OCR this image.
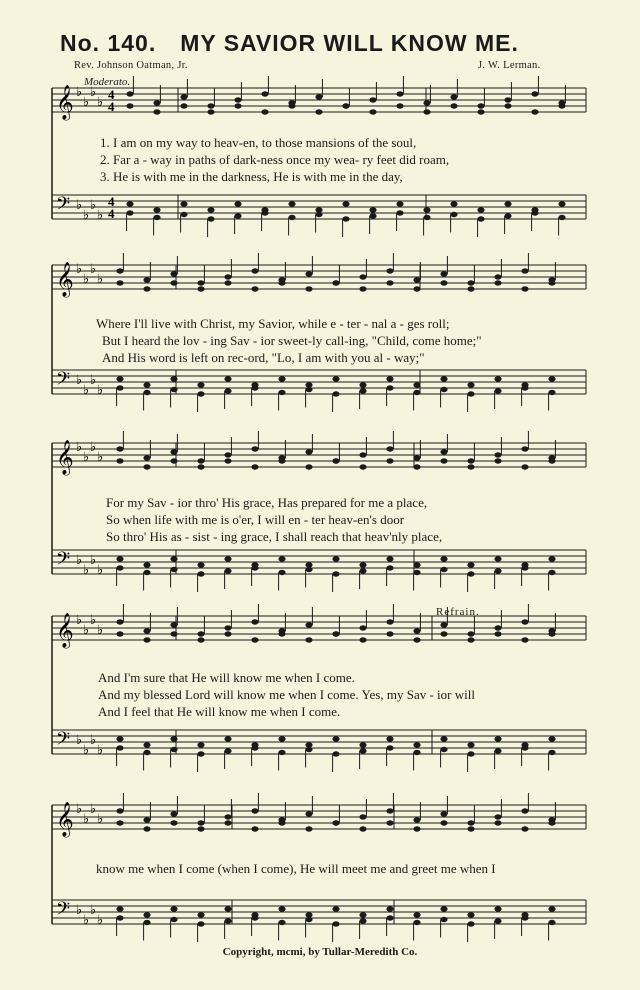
No. 140. MY SAVIOR WILL KNOW ME.
Rev. Johnson Oatman, Jr.	J. W. Lerman.
Moderato.
𝄞 ♭
♭
♭
♭ 4
4
𝄢 ♭
♭
♭
♭
4
4
𝄞 ♭
♭
♭
♭
𝄢 ♭
♭
♭
♭
𝄞 ♭
♭
♭
♭
𝄢 ♭
♭
♭
♭
𝄞 ♭
♭
♭
♭
𝄢 ♭
♭
♭
♭
𝄞 ♭
♭
♭
♭
𝄢 ♭
♭
♭
♭
1. I am on my way to heav-en, to those mansions of the soul,
2. Far a - way in paths of dark-ness once my wea- ry feet did roam,
3. He is with me in the darkness, He is with me in the day,
Where I'll live with Christ, my Savior, while e - ter - nal a - ges roll;
But I heard the lov - ing Sav - ior sweet-ly call-ing, "Child, come home;"
And His word is left on rec-ord, "Lo, I am with you al - way;"
For my Sav - ior thro' His grace, Has prepared for me a place,
So when life with me is o'er, I will en - ter heav-en's door
So thro' His as - sist - ing grace, I shall reach that heav'nly place,
Refrain.
And I'm sure that He will know me when I come.
And my blessed Lord will know me when I come. Yes, my Sav - ior will
And I feel that He will know me when I come.
know me when I come (when I come), He will meet me and greet me when I
Copyright, mcmi, by Tullar-Meredith Co.
